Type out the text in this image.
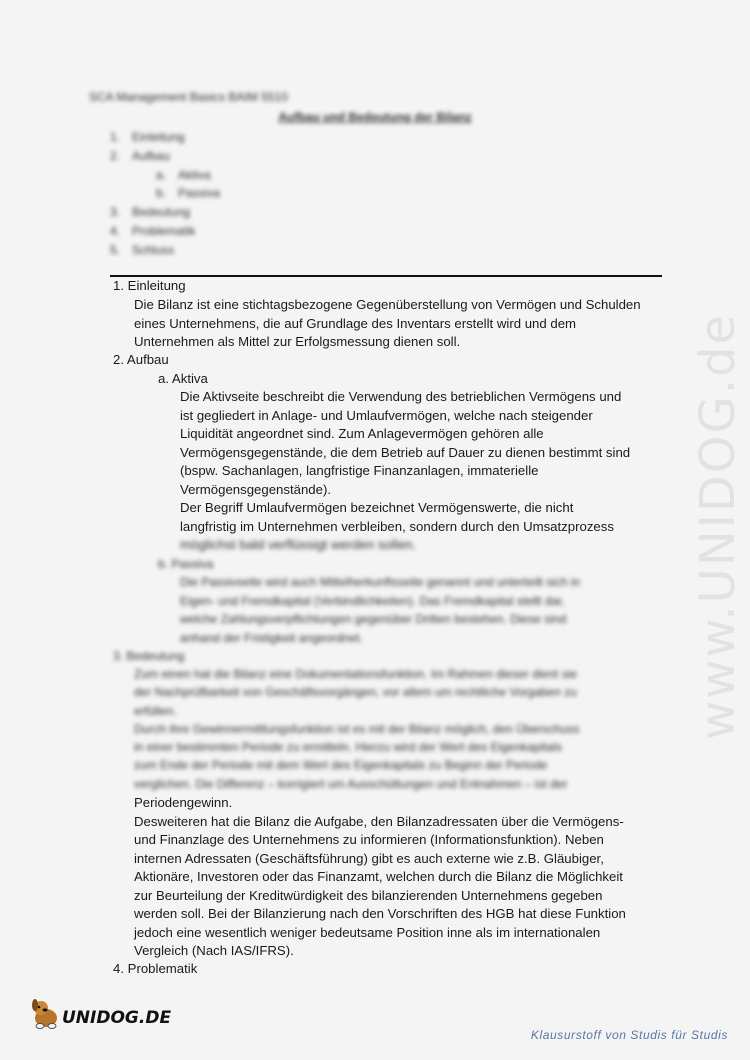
SCA Management Basics BAIM 5510
Aufbau und Bedeutung der Bilanz
1. Einleitung
2. Aufbau
a. Aktiva
b. Passiva
3. Bedeutung
4. Problematik
5. Schluss
1. Einleitung
Die Bilanz ist eine stichtagsbezogene Gegenüberstellung von Vermögen und Schulden
eines Unternehmens, die auf Grundlage des Inventars erstellt wird und dem
Unternehmen als Mittel zur Erfolgsmessung dienen soll.
2. Aufbau
a. Aktiva
Die Aktivseite beschreibt die Verwendung des betrieblichen Vermögens und
ist gegliedert in Anlage- und Umlaufvermögen, welche nach steigender
Liquidität angeordnet sind. Zum Anlagevermögen gehören alle
Vermögensgegenstände, die dem Betrieb auf Dauer zu dienen bestimmt sind
(bspw. Sachanlagen, langfristige Finanzanlagen, immaterielle
Vermögensgegenstände).
Der Begriff Umlaufvermögen bezeichnet Vermögenswerte, die nicht
langfristig im Unternehmen verbleiben, sondern durch den Umsatzprozess
möglichst bald verflüssigt werden sollen.
b. Passiva
Die Passivseite wird auch Mittelherkunftsseite genannt und unterteilt sich in
Eigen- und Fremdkapital (Verbindlichkeiten). Das Fremdkapital stellt dar,
welche Zahlungsverpflichtungen gegenüber Dritten bestehen. Diese sind
anhand der Fristigkeit angeordnet.
3. Bedeutung
Zum einen hat die Bilanz eine Dokumentationsfunktion. Im Rahmen dieser dient sie
der Nachprüfbarkeit von Geschäftsvorgängen, vor allem um rechtliche Vorgaben zu
erfüllen.
Durch ihre Gewinnermittlungsfunktion ist es mit der Bilanz möglich, den Überschuss
in einer bestimmten Periode zu ermitteln. Hierzu wird der Wert des Eigenkapitals
zum Ende der Periode mit dem Wert des Eigenkapitals zu Beginn der Periode
verglichen. Die Differenz – korrigiert um Ausschüttungen und Entnahmen – ist der
Periodengewinn.
Desweiteren hat die Bilanz die Aufgabe, den Bilanzadressaten über die Vermögens-
und Finanzlage des Unternehmens zu informieren (Informationsfunktion). Neben
internen Adressaten (Geschäftsführung) gibt es auch externe wie z.B. Gläubiger,
Aktionäre, Investoren oder das Finanzamt, welchen durch die Bilanz die Möglichkeit
zur Beurteilung der Kreditwürdigkeit des bilanzierenden Unternehmens gegeben
werden soll. Bei der Bilanzierung nach den Vorschriften des HGB hat diese Funktion
jedoch eine wesentlich weniger bedeutsame Position inne als im internationalen
Vergleich (Nach IAS/IFRS).
4. Problematik
www.UNIDOG.de
UNIDOG.DE
Klausurstoff von Studis für Studis
